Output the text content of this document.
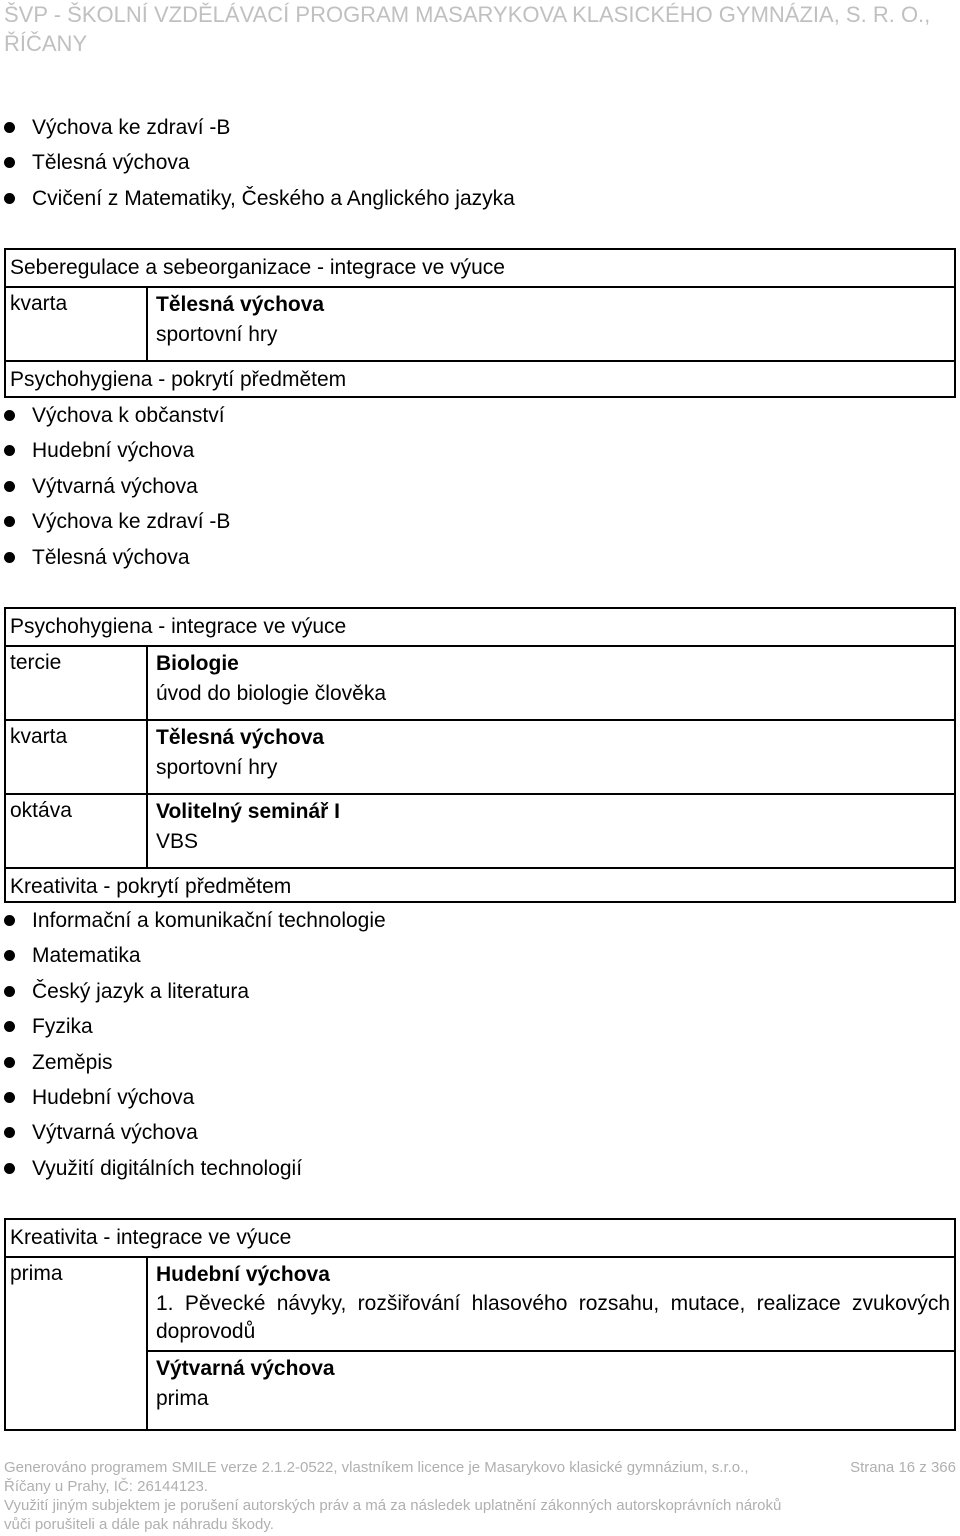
ŠVP - ŠKOLNÍ VZDĚLÁVACÍ PROGRAM MASARYKOVA KLASICKÉHO GYMNÁZIA, S. R. O., ŘÍČANY
Výchova ke zdraví -B
Tělesná výchova
Cvičení z Matematiky, Českého a Anglického jazyka
Seberegulace a sebeorganizace - integrace ve výuce
kvarta	Tělesná výchova
sportovní hry
Psychohygiena - pokrytí předmětem
Výchova k občanství
Hudební výchova
Výtvarná výchova
Výchova ke zdraví -B
Tělesná výchova
Psychohygiena - integrace ve výuce
tercie	Biologie
úvod do biologie člověka
kvarta	Tělesná výchova
sportovní hry
oktáva	Volitelný seminář I
VBS
Kreativita - pokrytí předmětem
Informační a komunikační technologie
Matematika
Český jazyk a literatura
Fyzika
Zeměpis
Hudební výchova
Výtvarná výchova
Využití digitálních technologií
Kreativita - integrace ve výuce
prima	Hudební výchova
1. Pěvecké návyky, rozšiřování hlasového rozsahu, mutace, realizace zvukových doprovodů
Výtvarná výchova
prima
Generováno programem SMILE verze 2.1.2-0522, vlastníkem licence je Masarykovo klasické gymnázium, s.r.o., Říčany u Prahy, IČ: 26144123.
Strana 16 z 366
Využití jiným subjektem je porušení autorských práv a má za následek uplatnění zákonných autorskoprávních nároků vůči porušiteli a dále pak náhradu škody.
